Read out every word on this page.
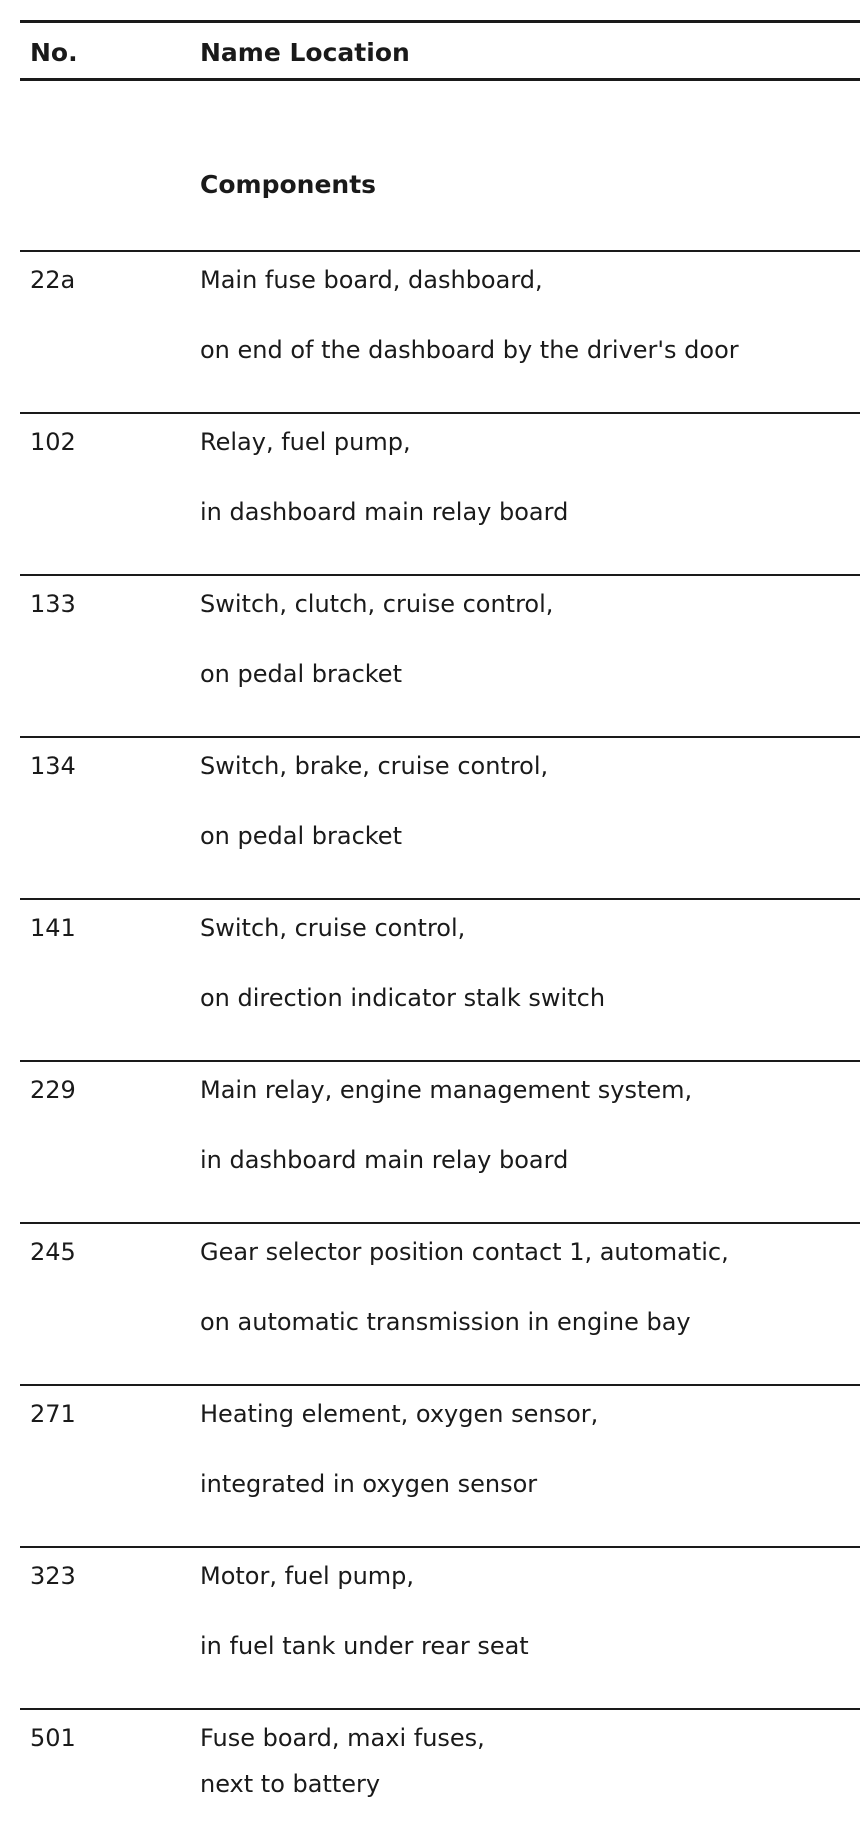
No.	Name Location
Components
22a	Main fuse board, dashboard,
on end of the dashboard by the driver's door
102	Relay, fuel pump,
in dashboard main relay board
133	Switch, clutch, cruise control,
on pedal bracket
134	Switch, brake, cruise control,
on pedal bracket
141	Switch, cruise control,
on direction indicator stalk switch
229	Main relay, engine management system,
in dashboard main relay board
245	Gear selector position contact 1, automatic,
on automatic transmission in engine bay
271	Heating element, oxygen sensor,
integrated in oxygen sensor
323	Motor, fuel pump,
in fuel tank under rear seat
501	Fuse board, maxi fuses,
next to battery
